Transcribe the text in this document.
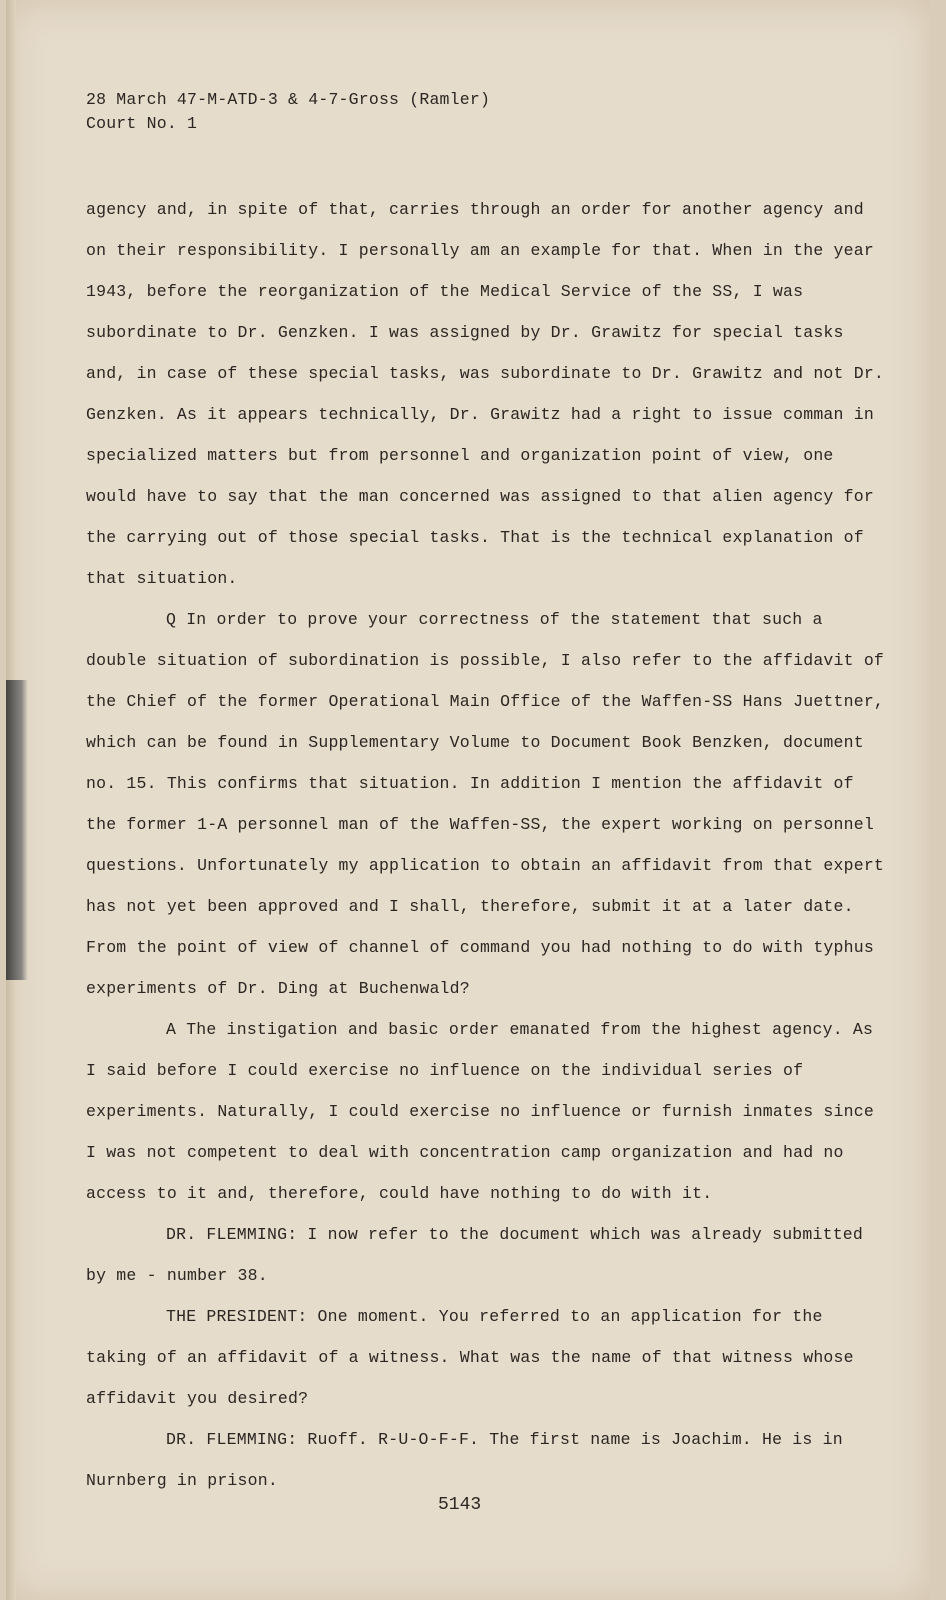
28 March 47-M-ATD-3 & 4-7-Gross (Ramler)
Court No. 1

agency and, in spite of that, carries through an order for another agency and on their responsibility. I personally am an example for that. When in the year 1943, before the reorganization of the Medical Service of the SS, I was subordinate to Dr. Genzken. I was assigned by Dr. Grawitz for special tasks and, in case of these special tasks, was subordinate to Dr. Grawitz and not Dr. Genzken. As it appears technically, Dr. Grawitz had a right to issue comman in specialized matters but from personnel and organization point of view, one would have to say that the man concerned was assigned to that alien agency for the carrying out of those special tasks. That is the technical explanation of that situation.

Q In order to prove your correctness of the statement that such a double situation of subordination is possible, I also refer to the affidavit of the Chief of the former Operational Main Office of the Waffen-SS Hans Juettner, which can be found in Supplementary Volume to Document Book Benzken, document no. 15. This confirms that situation. In addition I mention the affidavit of the former 1-A personnel man of the Waffen-SS, the expert working on personnel questions. Unfortunately my application to obtain an affidavit from that expert has not yet been approved and I shall, therefore, submit it at a later date. From the point of view of channel of command you had nothing to do with typhus experiments of Dr. Ding at Buchenwald?

A The instigation and basic order emanated from the highest agency. As I said before I could exercise no influence on the individual series of experiments. Naturally, I could exercise no influence or furnish inmates since I was not competent to deal with concentration camp organization and had no access to it and, therefore, could have nothing to do with it.

DR. FLEMMING: I now refer to the document which was already submitted by me - number 38.

THE PRESIDENT: One moment. You referred to an application for the taking of an affidavit of a witness. What was the name of that witness whose affidavit you desired?

DR. FLEMMING: Ruoff. R-U-O-F-F. The first name is Joachim. He is in Nurnberg in prison.

5143
